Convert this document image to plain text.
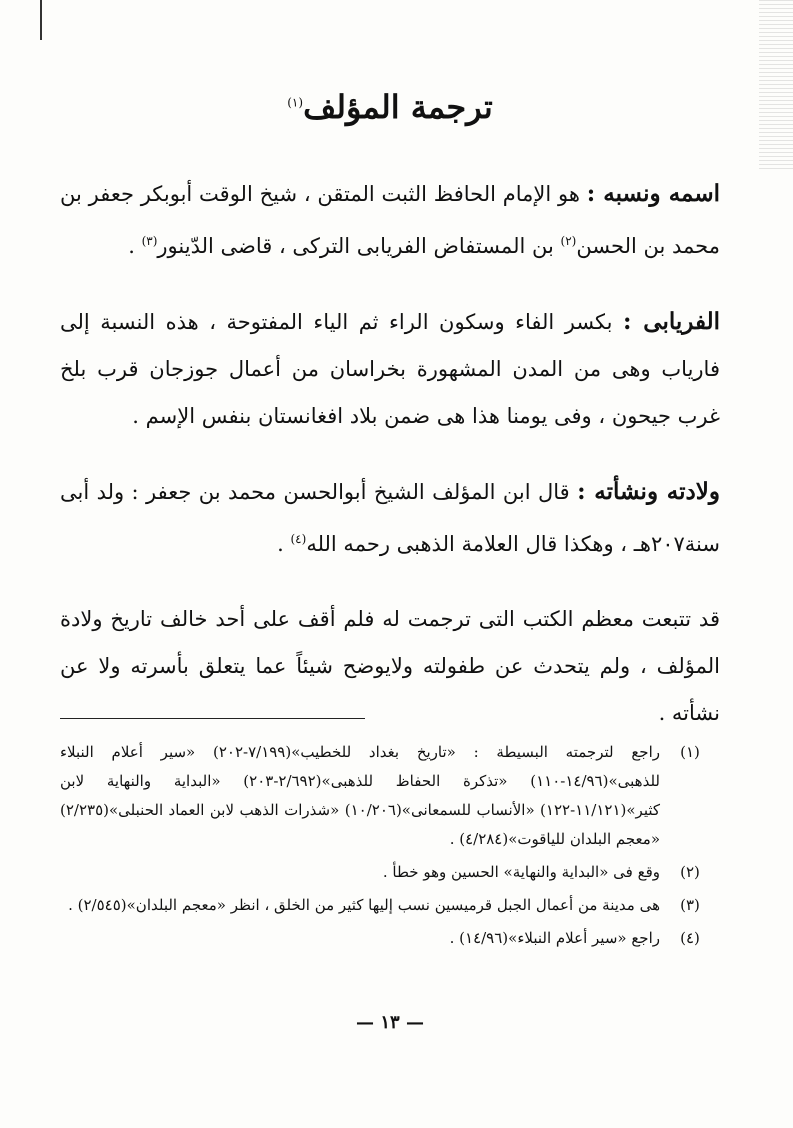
ترجمة المؤلف$^{(١)}$

اسمه ونسبه : هو الإمام الحافظ الثبت المتقن ، شيخ الوقت أبوبكر جعفر بن محمد بن الحسن$^{(٢)}$ بن المستفاض الفريابى التركى ، قاضى الدّينور$^{(٣)}$ .

الفريابى : بكسر الفاء وسكون الراء ثم الياء المفتوحة ، هذه النسبة إلى فارياب وهى من المدن المشهورة بخراسان من أعمال جوزجان قرب بلخ غرب جيحون ، وفى يومنا هذا هى ضمن بلاد افغانستان بنفس الإسم .

ولادته ونشأته : قال ابن المؤلف الشيخ أبوالحسن محمد بن جعفر : ولد أبى سنة٢٠٧هـ ، وهكذا قال العلامة الذهبى رحمه الله$^{(٤)}$ .

قد تتبعت معظم الكتب التى ترجمت له فلم أقف على أحد خالف تاريخ ولادة المؤلف ، ولم يتحدث عن طفولته ولايوضح شيئاً عما يتعلق بأسرته ولا عن نشأته .

(١)
راجع لترجمته البسيطة : «تاريخ بغداد للخطيب»(٧/١٩٩-٢٠٢) «سير أعلام النبلاء للذهبى»(١٤/٩٦-١١٠) «تذكرة الحفاظ للذهبى»(٢/٦٩٢-٢٠٣) «البداية والنهاية لابن كثير»(١١/١٢١-١٢٢) «الأنساب للسمعانى»(١٠/٢٠٦) «شذرات الذهب لابن العماد الحنبلى»(٢/٢٣٥) «معجم البلدان للياقوت»(٤/٢٨٤) .
(٢)
وقع فى «البداية والنهاية» الحسين وهو خطأ .
(٣)
هى مدينة من أعمال الجبل قرميسين نسب إليها كثير من الخلق ، انظر «معجم البلدان»(٢/٥٤٥) .
(٤)
راجع «سير أعلام النبلاء»(١٤/٩٦) .
— ١٣ —
